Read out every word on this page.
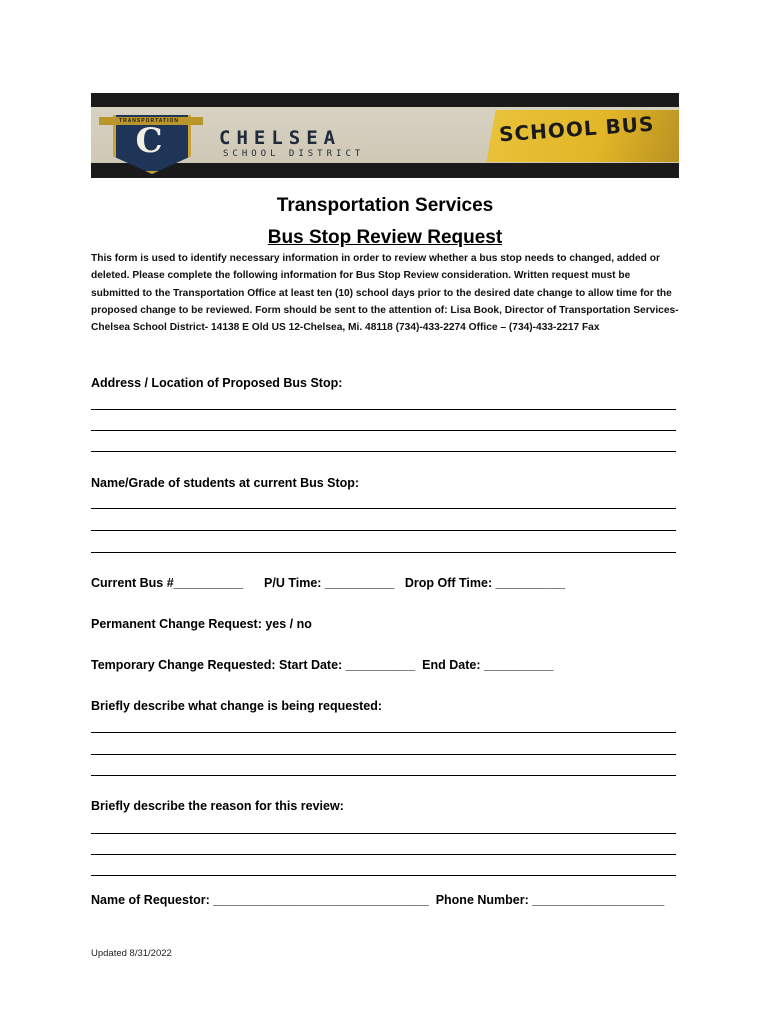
TRANSPORTATION
C	CHELSEA
SCHOOL DISTRICT
SCHOOL BUS
Transportation Services
Bus Stop Review Request
This form is used to identify necessary information in order to review whether a bus stop needs to changed, added or deleted. Please complete the following information for Bus Stop Review consideration. Written request must be submitted to the Transportation Office at least ten (10) school days prior to the desired date change to allow time for the proposed change to be reviewed. Form should be sent to the attention of: Lisa Book, Director of Transportation Services-Chelsea School District- 14138 E Old US 12-Chelsea, Mi. 48118 (734)-433-2274 Office – (734)-433-2217 Fax
Address / Location of Proposed Bus Stop:
Name/Grade of students at current Bus Stop:
Current Bus #__________      P/U Time: __________   Drop Off Time: __________
Permanent Change Request: yes / no
Temporary Change Requested: Start Date: __________  End Date: __________
Briefly describe what change is being requested:
Briefly describe the reason for this review:
Name of Requestor: _______________________________  Phone Number: ___________________
Updated 8/31/2022
